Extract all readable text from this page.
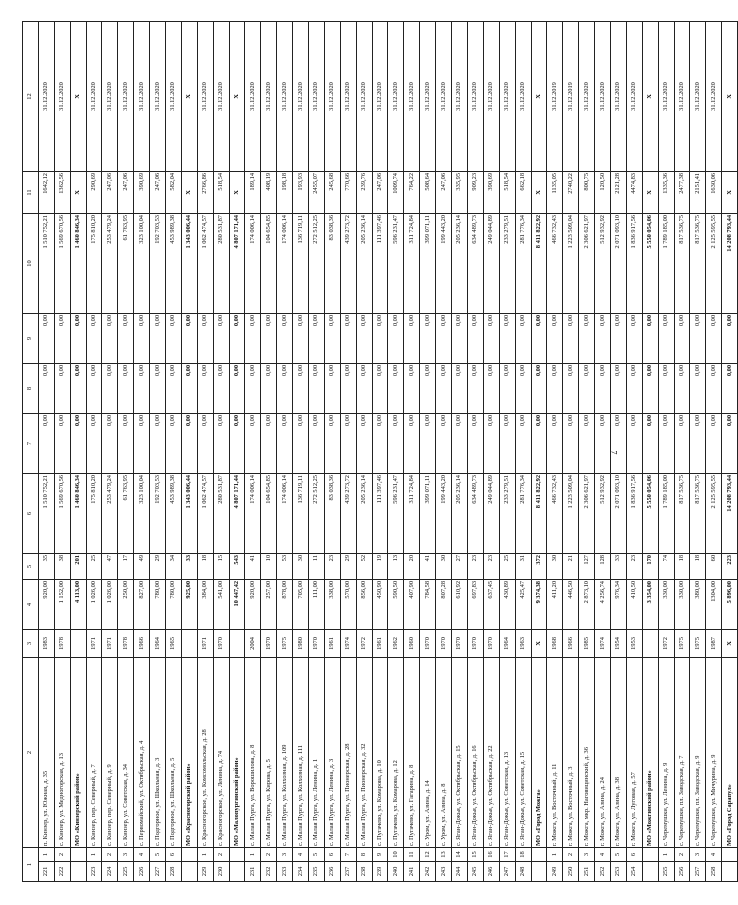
7
1		2	3	4	5	6	7	8	9	10	11	12
221	1	п. Кинзер, ул. Южная, д. 35	1983	920,00	35	1 510 752,21	0,00	0,00	0,00	1 510 752,21	1642,12	31.12.2020
222	2	с. Кинзер, ул. Медногорская, д. 13	1978	1 152,00	38	1 569 670,56	0,00	0,00	0,00	1 569 670,56	1362,56	31.12.2020
		МО «Кинзерский район»		4 113,00	201	1 460 846,34	0,00	0,00	0,00	1 460 846,34	X	X
223	1	с. Кинзер, пер. Северный, д. 7	1971	1 026,00	25	175 810,20	0,00	0,00	0,00	175 810,20	290,69	31.12.2020
224	2	с. Кинзер, пер. Северный, д. 9	1971	1 026,00	47	253 479,24	0,00	0,00	0,00	253 479,24	247,06	31.12.2020
225	3	с. Кинзер, ул. Советская, д. 34	1978	250,00	17	61 763,95	0,00	0,00	0,00	61 763,95	247,06	31.12.2020
226	4	с. Первомайский, ул. Октябрьская, д. 4	1966	827,00	49	323 100,04	0,00	0,00	0,00	323 100,04	390,69	31.12.2020
227	5	с. Подгорное, ул. Школьная, д. 3	1964	780,00	29	192 703,53	0,00	0,00	0,00	192 703,53	247,06	31.12.2020
228	6	с. Подгорное, ул. Школьная, д. 5	1965	780,00	34	453 989,38	0,00	0,00	0,00	453 989,38	582,04	31.12.2020
		МО «Красногорский район»		925,00	33	1 343 006,44	0,00	0,00	0,00	1 343 006,44	X	X
229	1	с. Красногорское, ул. Комсомольская, д. 28	1971	384,00	18	1 062 474,57	0,00	0,00	0,00	1 062 474,57	2766,86	31.12.2020
230	2	с. Красногорское, ул. Ленина, д. 74	1970	541,00	15	280 531,87	0,00	0,00	0,00	280 531,87	518,54	31.12.2020
		МО «Малопургинский район»		10 447,42	543	4 807 171,44	0,00	0,00	0,00	4 807 171,44	X	X
231	1	с. Малая Пурга, ул. Ворошилова, д. 8	2004	920,00	41	174 006,14	0,00	0,00	0,00	174 006,14	189,14	31.12.2020
232	2	с. Малая Пурга, ул. Кирова, д. 5	1970	257,00	10	104 654,85	0,00	0,00	0,00	104 654,85	408,19	31.12.2020
233	3	с. Малая Пурга, ул. Колхозная, д. 109	1975	878,00	53	174 006,14	0,00	0,00	0,00	174 006,14	198,18	31.12.2020
234	4	с. Малая Пурга, ул. Колхозная, д. 111	1980	705,00	30	136 719,11	0,00	0,00	0,00	136 719,11	193,93	31.12.2020
235	5	с. Малая Пурга, ул. Ленина, д. 1	1970	111,00	11	272 512,25	0,00	0,00	0,00	272 512,25	2455,07	31.12.2020
236	6	с. Малая Пурга, ул. Ленина, д. 3	1961	338,00	23	83 038,36	0,00	0,00	0,00	83 038,36	245,68	31.12.2020
237	7	с. Малая Пурга, ул. Пионерская, д. 28	1974	570,00	29	439 273,72	0,00	0,00	0,00	439 273,72	770,66	31.12.2020
238	8	с. Малая Пурга, ул. Пионерская, д. 32	1972	856,00	52	205 236,14	0,00	0,00	0,00	205 236,14	239,76	31.12.2020
239	9	с. Пугачево, ул. Комарова, д. 10	1961	450,90	19	111 397,46	0,00	0,00	0,00	111 397,46	247,06	31.12.2020
240	10	с. Пугачево, ул. Комарова, д. 12	1962	590,50	13	596 231,47	0,00	0,00	0,00	596 231,47	1009,74	31.12.2020
241	11	с. Пугачево, ул. Гагарина, д. 8	1960	407,90	20	311 724,84	0,00	0,00	0,00	311 724,84	764,22	31.12.2020
242	12	с. Уром, ул. Азина, д. 14	1970	784,58	41	399 071,11	0,00	0,00	0,00	399 071,11	508,64	31.12.2020
243	13	с. Уром, ул. Азина, д. 8	1970	807,28	30	199 443,20	0,00	0,00	0,00	199 443,20	247,06	31.12.2020
244	14	с. Яган-Докья, ул. Октябрьская, д. 15	1970	610,92	27	205 236,14	0,00	0,00	0,00	205 236,14	335,95	31.12.2020
245	15	с. Яган-Докья, ул. Октябрьская, д. 16	1970	697,83	23	634 489,73	0,00	0,00	0,00	634 489,73	909,23	31.12.2020
246	16	с. Яган-Докья, ул. Октябрьская, д. 22	1970	637,45	23	249 044,89	0,00	0,00	0,00	249 044,89	390,69	31.12.2020
247	17	с. Яган-Докья, ул. Советская, д. 13	1964	430,89	25	233 279,51	0,00	0,00	0,00	233 279,51	518,54	31.12.2020
248	18	с. Яган-Докья, ул. Советская, д. 15	1963	425,47	31	281 776,34	0,00	0,00	0,00	281 776,34	662,18	31.12.2020
		МО «Город Можга»	X	9 374,38	372	8 411 822,92	0,00	0,00	0,00	8 411 822,92	X	X
249	1	г. Можга, ул. Восточный, д. 11	1968	411,20	30	466 732,43	0,00	0,00	0,00	466 732,43	1135,05	31.12.2019
250	2	г. Можга, ул. Восточный, д. 3	1966	446,50	21	1 223 509,04	0,00	0,00	0,00	1 223 509,04	2740,22	31.12.2019
251	3	г. Можга, мкр. Наговицинский, д. 36	1985	2 873,10	127	2 306 621,97	0,00	0,00	0,00	2 306 621,97	800,75	31.12.2020
252	4	г. Можга, ул. Азина, д. 24	1974	4 256,74	128	512 932,92	0,00	0,00	0,00	512 932,92	120,50	31.12.2020
253	5	г. Можга, ул. Азина, д. 38	1954	976,34	33	2 071 093,10	0,00	0,00	0,00	2 071 093,10	2121,28	31.12.2020
254	6	г. Можга, ул. Луговая, д. 57	1953	410,50	23	1 836 917,56	0,00	0,00	0,00	1 836 917,56	4474,83	31.12.2020
		МО «Можгинский район»		3 354,00	170	5 550 054,06	0,00	0,00	0,00	5 550 054,06	X	X
255	1	с. Черемушки, ул. Ленина, д. 9	1972	330,00	74	1 789 185,00	0,00	0,00	0,00	1 789 185,00	1335,36	31.12.2020
256	2	с. Черемушки, пл. Заводская, д. 7	1975	330,00	18	817 536,75	0,00	0,00	0,00	817 536,75	2477,38	31.12.2020
257	3	с. Черемушки, пл. Заводская, д. 9	1975	380,00	18	817 536,75	0,00	0,00	0,00	817 536,75	2151,41	31.12.2020
258	4	с. Черемушки, ул. Мичурина, д. 9	1987	1304,00	60	2 125 595,55	0,00	0,00	0,00	2 125 595,55	1630,06	31.12.2020
		МО «Город Сарапул»	X	5 896,00	223	14 208 793,44	0,00	0,00	0,00	14 208 793,44	X	X
